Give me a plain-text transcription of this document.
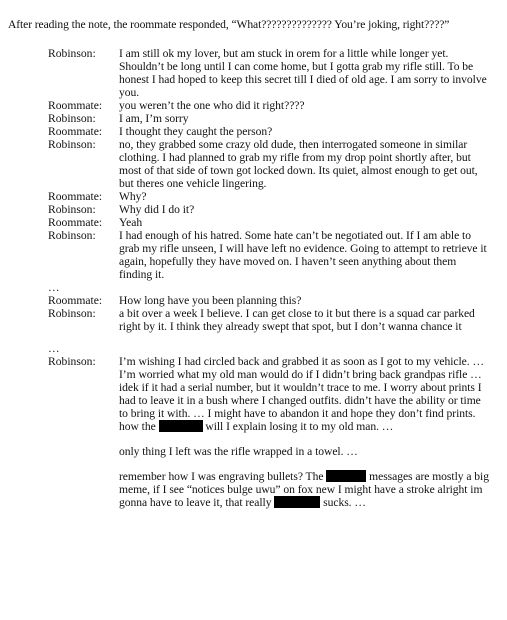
After reading the note, the roommate responded, “What?????????????? You’re joking, right????”

Robinson:	I am still ok my lover, but am stuck in orem for a little while longer yet. Shouldn’t be long until I can come home, but I gotta grab my rifle still. To be honest I had hoped to keep this secret till I died of old age. I am sorry to involve you.
Roommate:	you weren’t the one who did it right????
Robinson:	I am, I’m sorry
Roommate:	I thought they caught the person?
Robinson:	no, they grabbed some crazy old dude, then interrogated someone in similar clothing. I had planned to grab my rifle from my drop point shortly after, but most of that side of town got locked down. Its quiet, almost enough to get out, but theres one vehicle lingering.
Roommate:	Why?
Robinson:	Why did I do it?
Roommate:	Yeah
Robinson:	I had enough of his hatred. Some hate can’t be negotiated out. If I am able to grab my rifle unseen, I will have left no evidence. Going to attempt to retrieve it again, hopefully they have moved on. I haven’t seen anything about them finding it.
…
Roommate:	How long have you been planning this?
Robinson:	a bit over a week I believe. I can get close to it but there is a squad car parked right by it. I think they already swept that spot, but I don’t wanna chance it
…
Robinson:	I’m wishing I had circled back and grabbed it as soon as I got to my vehicle. … I’m worried what my old man would do if I didn’t bring back grandpas rifle … idek if it had a serial number, but it wouldn’t trace to me. I worry about prints I had to leave it in a bush where I changed outfits. didn’t have the ability or time to bring it with. … I might have to abandon it and hope they don’t find prints. how the	will I explain losing it to my old man. …
only thing I left was the rifle wrapped in a towel. …
remember how I was engraving bullets? The	messages are mostly a big meme, if I see “notices bulge uwu” on fox new I might have a stroke alright im gonna have to leave it, that really	sucks. …
